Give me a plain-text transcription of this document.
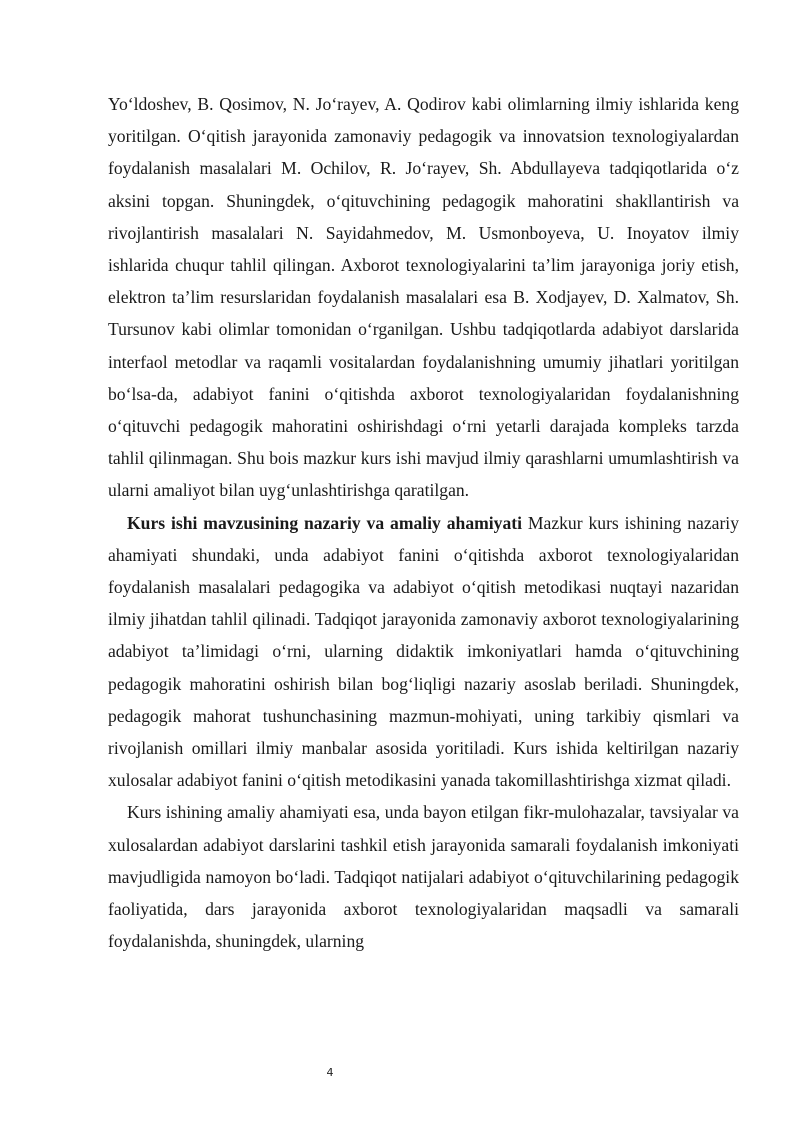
Yo‘ldoshev, B. Qosimov, N. Jo‘rayev, A. Qodirov kabi olimlarning ilmiy ishlarida keng yoritilgan. O‘qitish jarayonida zamonaviy pedagogik va innovatsion texnologiyalardan foydalanish masalalari M. Ochilov, R. Jo‘rayev, Sh. Abdullayeva tadqiqotlarida o‘z aksini topgan. Shuningdek, o‘qituvchining pedagogik mahoratini shakllantirish va rivojlantirish masalalari N. Sayidahmedov, M. Usmonboyeva, U. Inoyatov ilmiy ishlarida chuqur tahlil qilingan. Axborot texnologiyalarini ta’lim jarayoniga joriy etish, elektron ta’lim resurslaridan foydalanish masalalari esa B. Xodjayev, D. Xalmatov, Sh. Tursunov kabi olimlar tomonidan o‘rganilgan. Ushbu tadqiqotlarda adabiyot darslarida interfaol metodlar va raqamli vositalardan foydalanishning umumiy jihatlari yoritilgan bo‘lsa-da, adabiyot fanini o‘qitishda axborot texnologiyalaridan foydalanishning o‘qituvchi pedagogik mahoratini oshirishdagi o‘rni yetarli darajada kompleks tarzda tahlil qilinmagan. Shu bois mazkur kurs ishi mavjud ilmiy qarashlarni umumlashtirish va ularni amaliyot bilan uyg‘unlashtirishga qaratilgan.

Kurs ishi mavzusining nazariy va amaliy ahamiyati Mazkur kurs ishining nazariy ahamiyati shundaki, unda adabiyot fanini o‘qitishda axborot texnologiyalaridan foydalanish masalalari pedagogika va adabiyot o‘qitish metodikasi nuqtayi nazaridan ilmiy jihatdan tahlil qilinadi. Tadqiqot jarayonida zamonaviy axborot texnologiyalarining adabiyot ta’limidagi o‘rni, ularning didaktik imkoniyatlari hamda o‘qituvchining pedagogik mahoratini oshirish bilan bog‘liqligi nazariy asoslab beriladi. Shuningdek, pedagogik mahorat tushunchasining mazmun-mohiyati, uning tarkibiy qismlari va rivojlanish omillari ilmiy manbalar asosida yoritiladi. Kurs ishida keltirilgan nazariy xulosalar adabiyot fanini o‘qitish metodikasini yanada takomillashtirishga xizmat qiladi.

Kurs ishining amaliy ahamiyati esa, unda bayon etilgan fikr-mulohazalar, tavsiyalar va xulosalardan adabiyot darslarini tashkil etish jarayonida samarali foydalanish imkoniyati mavjudligida namoyon bo‘ladi. Tadqiqot natijalari adabiyot o‘qituvchilarining pedagogik faoliyatida, dars jarayonida axborot texnologiyalaridan maqsadli va samarali foydalanishda, shuningdek, ularning

4
